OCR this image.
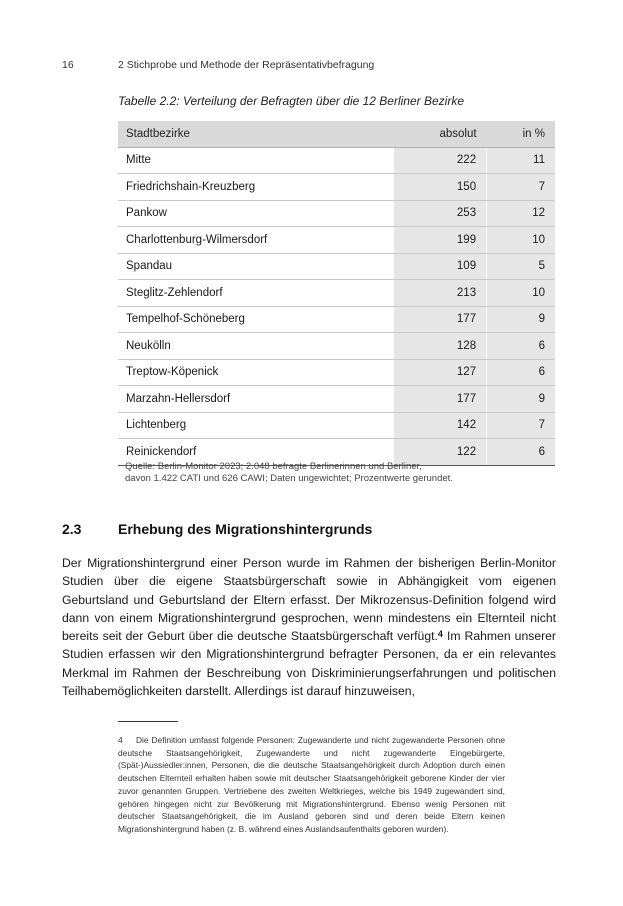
16	2 Stichprobe und Methode der Repräsentativbefragung
Tabelle 2.2: Verteilung der Befragten über die 12 Berliner Bezirke
Stadtbezirke	absolut	in %
Mitte	222	11
Friedrichshain-Kreuzberg	150	7
Pankow	253	12
Charlottenburg-Wilmersdorf	199	10
Spandau	109	5
Steglitz-Zehlendorf	213	10
Tempelhof-Schöneberg	177	9
Neukölln	128	6
Treptow-Köpenick	127	6
Marzahn-Hellersdorf	177	9
Lichtenberg	142	7
Reinickendorf	122	6
Quelle: Berlin-Monitor 2023; 2.048 befragte Berlinerinnen und Berliner,
davon 1.422 CATI und 626 CAWI; Daten ungewichtet; Prozentwerte gerundet.
2.3	Erhebung des Migrationshintergrunds
Der Migrationshintergrund einer Person wurde im Rahmen der bisherigen Berlin-Monitor Studien über die eigene Staatsbürgerschaft sowie in Abhängigkeit vom eigenen Geburtsland und Geburtsland der Eltern erfasst. Der Mikrozensus-Definition folgend wird dann von einem Migrationshintergrund gesprochen, wenn mindestens ein Elternteil nicht bereits seit der Geburt über die deutsche Staatsbürgerschaft verfügt.$^4$ Im Rahmen unserer Studien erfassen wir den Migrationshintergrund befragter Personen, da er ein relevantes Merkmal im Rahmen der Beschreibung von Diskriminierungserfahrungen und politischen Teilhabemöglichkeiten darstellt. Allerdings ist darauf hinzuweisen,
4 Die Definition umfasst folgende Personen: Zugewanderte und nicht zugewanderte Personen ohne deutsche Staatsangehörigkeit, Zugewanderte und nicht zugewanderte Eingebürgerte, (Spät-)Aussiedler:innen, Personen, die die deutsche Staatsangehörigkeit durch Adoption durch einen deutschen Elternteil erhalten haben sowie mit deutscher Staatsangehörigkeit geborene Kinder der vier zuvor genannten Gruppen. Vertriebene des zweiten Weltkrieges, welche bis 1949 zugewandert sind, gehören hingegen nicht zur Bevölkerung mit Migrationshintergrund. Ebenso wenig Personen mit deutscher Staatsangehörigkeit, die im Ausland geboren sind und deren beide Eltern keinen Migrationshintergrund haben (z. B. während eines Auslandsaufenthalts geboren wurden).
